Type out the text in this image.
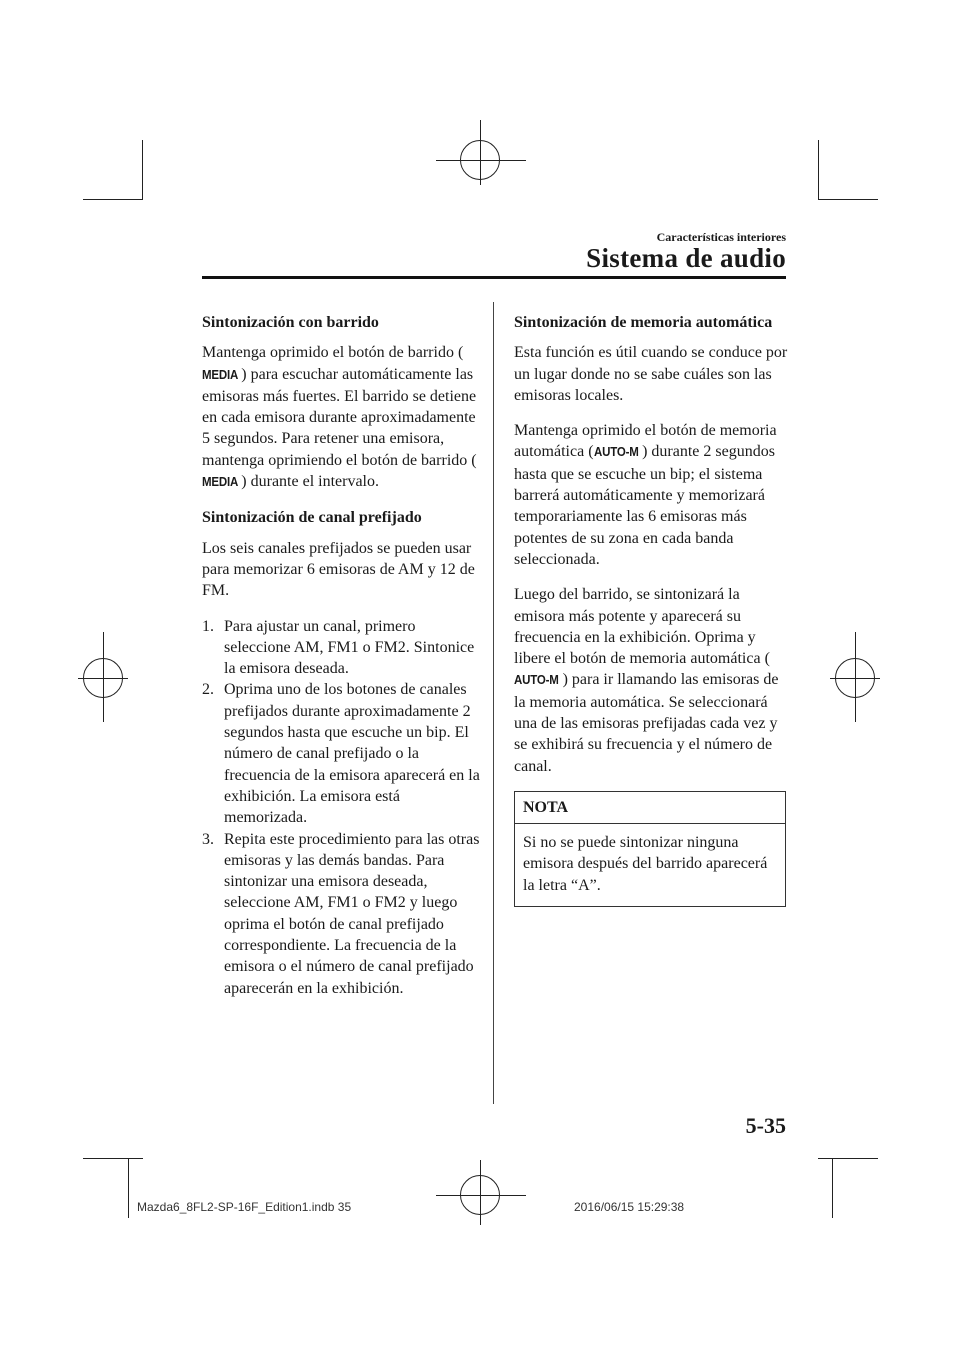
Características interiores
Sistema de audio
Sintonización con barrido

Mantenga oprimido el botón de barrido (MEDIA ) para escuchar automáticamente las emisoras más fuertes. El barrido se detiene en cada emisora durante aproximadamente 5 segundos. Para retener una emisora, mantenga oprimiendo el botón de barrido (MEDIA ) durante el intervalo.

Sintonización de canal prefijado

Los seis canales prefijados se pueden usar para memorizar 6 emisoras de AM y 12 de FM.

1. Para ajustar un canal, primero seleccione AM, FM1 o FM2. Sintonice la emisora deseada.
2. Oprima uno de los botones de canales prefijados durante aproximadamente 2 segundos hasta que escuche un bip. El número de canal prefijado o la frecuencia de la emisora aparecerá en la exhibición. La emisora está memorizada.
3. Repita este procedimiento para las otras emisoras y las demás bandas. Para sintonizar una emisora deseada, seleccione AM, FM1 o FM2 y luego oprima el botón de canal prefijado correspondiente. La frecuencia de la emisora o el número de canal prefijado aparecerán en la exhibición.
Sintonización de memoria automática

Esta función es útil cuando se conduce por un lugar donde no se sabe cuáles son las emisoras locales.

Mantenga oprimido el botón de memoria automática (AUTO-M ) durante 2 segundos hasta que se escuche un bip; el sistema barrerá automáticamente y memorizará temporariamente las 6 emisoras más potentes de su zona en cada banda seleccionada.

Luego del barrido, se sintonizará la emisora más potente y aparecerá su frecuencia en la exhibición. Oprima y libere el botón de memoria automática (AUTO-M ) para ir llamando las emisoras de la memoria automática. Se seleccionará una de las emisoras prefijadas cada vez y se exhibirá su frecuencia y el número de canal.

NOTA
Si no se puede sintonizar ninguna emisora después del barrido aparecerá la letra “A”.
5-35
Mazda6_8FL2-SP-16F_Edition1.indb 35	2016/06/15 15:29:38
